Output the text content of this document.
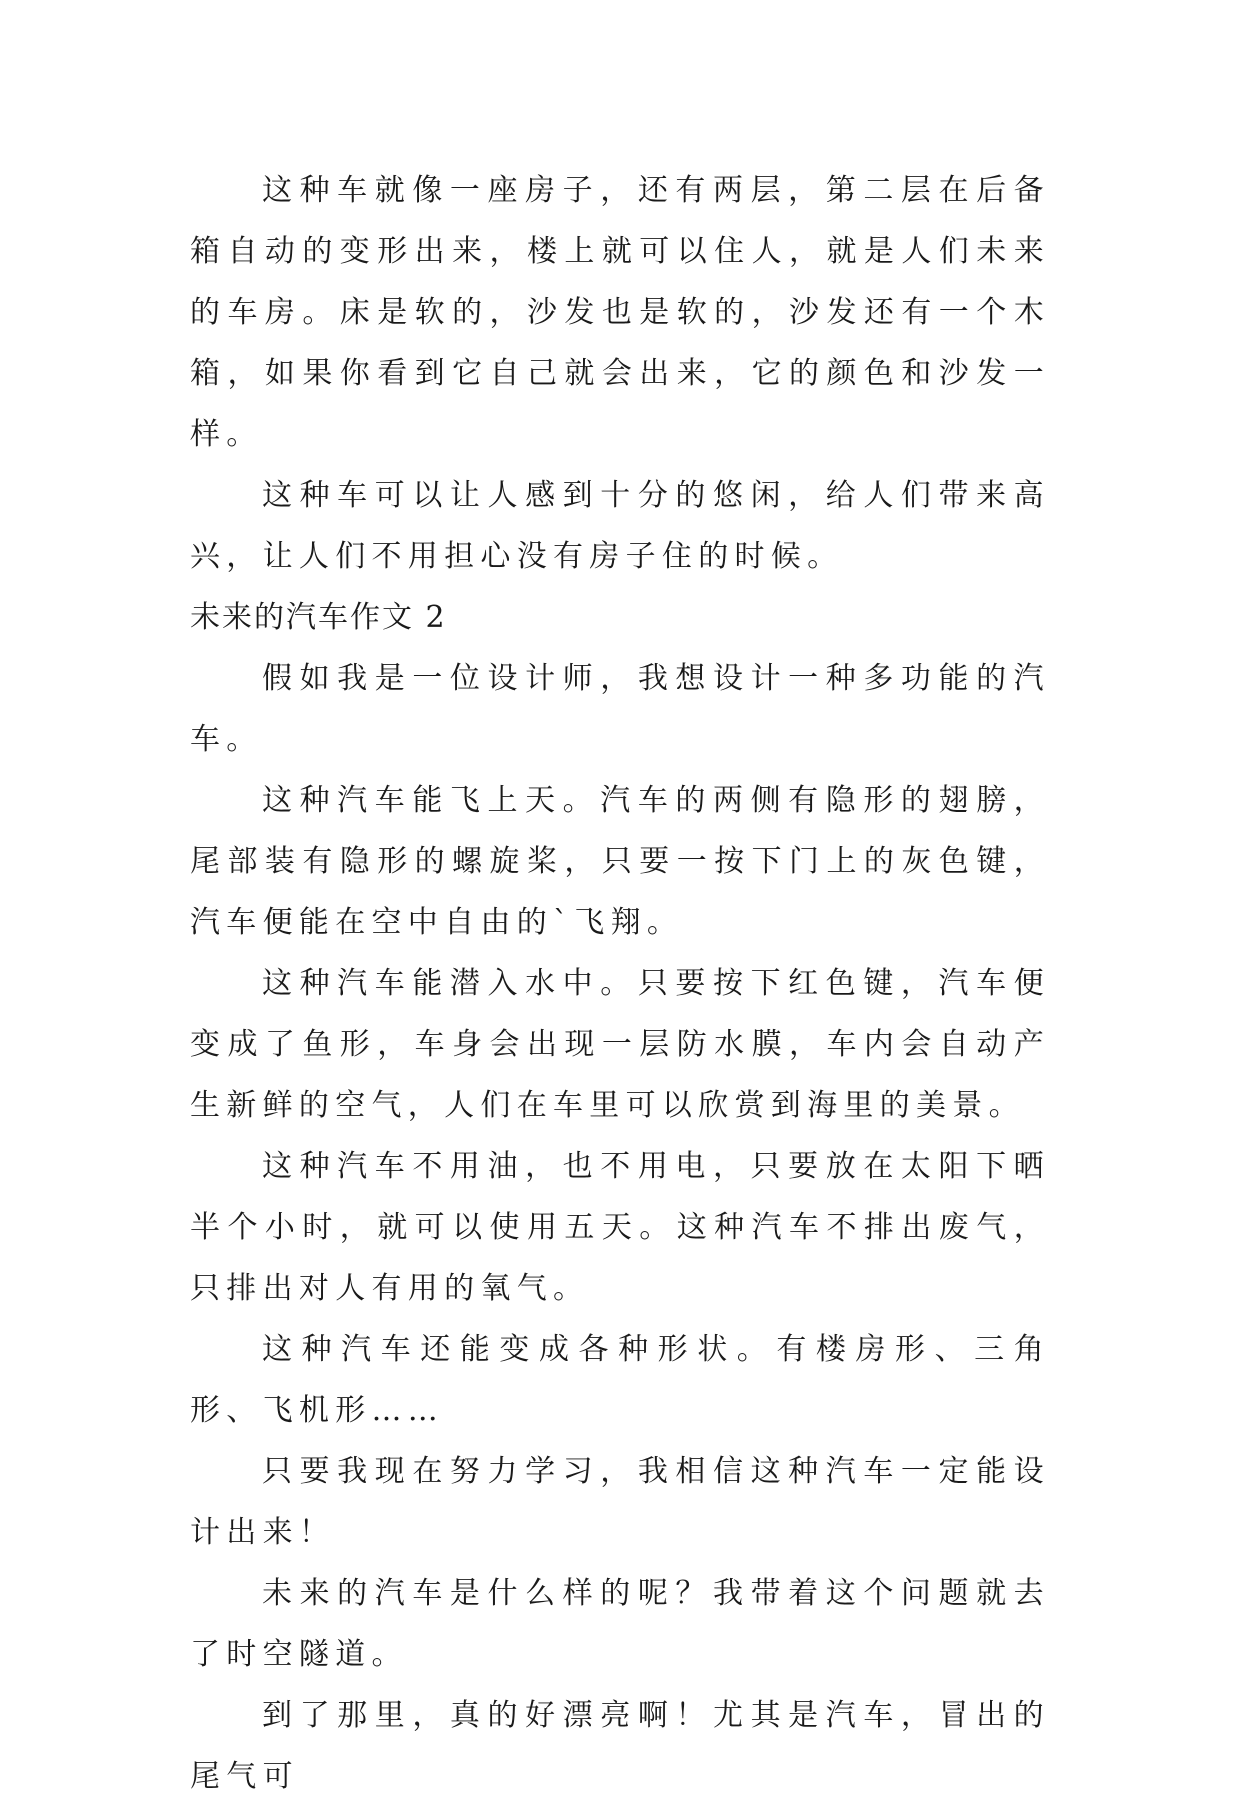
这种车就像一座房子，还有两层，第二层在后备箱自动的变形出来，楼上就可以住人，就是人们未来的车房。床是软的，沙发也是软的，沙发还有一个木箱，如果你看到它自己就会出来，它的颜色和沙发一样。

这种车可以让人感到十分的悠闲，给人们带来高兴，让人们不用担心没有房子住的时候。

未来的汽车作文 2

假如我是一位设计师，我想设计一种多功能的汽车。

这种汽车能飞上天。汽车的两侧有隐形的翅膀，尾部装有隐形的螺旋桨，只要一按下门上的灰色键，汽车便能在空中自由的`飞翔。

这种汽车能潜入水中。只要按下红色键，汽车便变成了鱼形，车身会出现一层防水膜，车内会自动产生新鲜的空气，人们在车里可以欣赏到海里的美景。

这种汽车不用油，也不用电，只要放在太阳下晒半个小时，就可以使用五天。这种汽车不排出废气，只排出对人有用的氧气。

这种汽车还能变成各种形状。有楼房形、三角形、飞机形……

只要我现在努力学习，我相信这种汽车一定能设计出来！

未来的汽车是什么样的呢？我带着这个问题就去了时空隧道。

到了那里，真的好漂亮啊！尤其是汽车，冒出的尾气可
